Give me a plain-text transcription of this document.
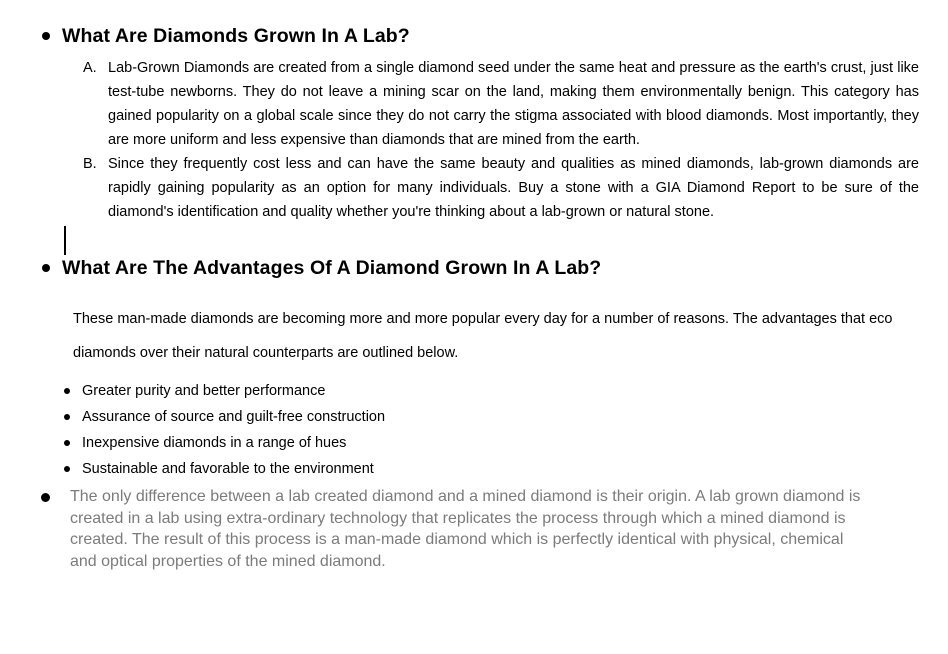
What Are Diamonds Grown In A Lab?
A. Lab-Grown Diamonds are created from a single diamond seed under the same heat and pressure as the earth's crust, just like
test-tube newborns. They do not leave a mining scar on the land, making them environmentally benign. This category has
gained popularity on a global scale since they do not carry the stigma associated with blood diamonds. Most importantly, they
are more uniform and less expensive than diamonds that are mined from the earth.
B. Since they frequently cost less and can have the same beauty and qualities as mined diamonds, lab-grown diamonds are
rapidly gaining popularity as an option for many individuals. Buy a stone with a GIA Diamond Report to be sure of the
diamond's identification and quality whether you're thinking about a lab-grown or natural stone.
What Are The Advantages Of A Diamond Grown In A Lab?
These man-made diamonds are becoming more and more popular every day for a number of reasons. The advantages that eco
diamonds over their natural counterparts are outlined below.
Greater purity and better performance
Assurance of source and guilt-free construction
Inexpensive diamonds in a range of hues
Sustainable and favorable to the environment
The only difference between a lab created diamond and a mined diamond is their origin. A lab grown diamond is
created in a lab using extra-ordinary technology that replicates the process through which a mined diamond is
created. The result of this process is a man-made diamond which is perfectly identical with physical, chemical
and optical properties of the mined diamond.
